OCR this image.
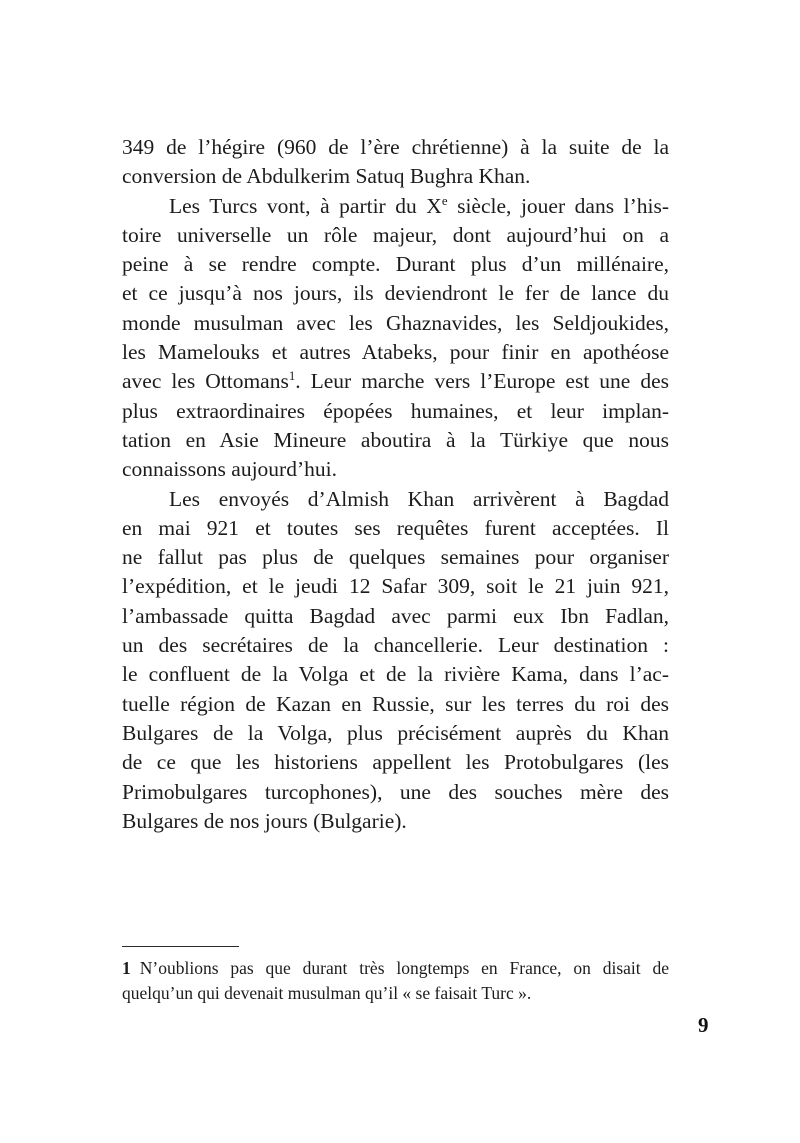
349 de l’hégire (960 de l’ère chrétienne) à la suite de la
conversion de Abdulkerim Satuq Bughra Khan.
Les Turcs vont, à partir du Xe siècle, jouer dans l’his-
toire universelle un rôle majeur, dont aujourd’hui on a
peine à se rendre compte. Durant plus d’un millénaire,
et ce jusqu’à nos jours, ils deviendront le fer de lance du
monde musulman avec les Ghaznavides, les Seldjoukides,
les Mamelouks et autres Atabeks, pour finir en apothéose
avec les Ottomans$^1$. Leur marche vers l’Europe est une des
plus extraordinaires épopées humaines, et leur implan-
tation en Asie Mineure aboutira à la Türkiye que nous
connaissons aujourd’hui.
Les envoyés d’Almish Khan arrivèrent à Bagdad
en mai 921 et toutes ses requêtes furent acceptées. Il
ne fallut pas plus de quelques semaines pour organiser
l’expédition, et le jeudi 12 Safar 309, soit le 21 juin 921,
l’ambassade quitta Bagdad avec parmi eux Ibn Fadlan,
un des secrétaires de la chancellerie. Leur destination :
le confluent de la Volga et de la rivière Kama, dans l’ac-
tuelle région de Kazan en Russie, sur les terres du roi des
Bulgares de la Volga, plus précisément auprès du Khan
de ce que les historiens appellent les Protobulgares (les
Primobulgares turcophones), une des souches mère des
Bulgares de nos jours (Bulgarie).

1 N’oublions pas que durant très longtemps en France, on disait de

quelqu’un qui devenait musulman qu’il « se faisait Turc ».

9
